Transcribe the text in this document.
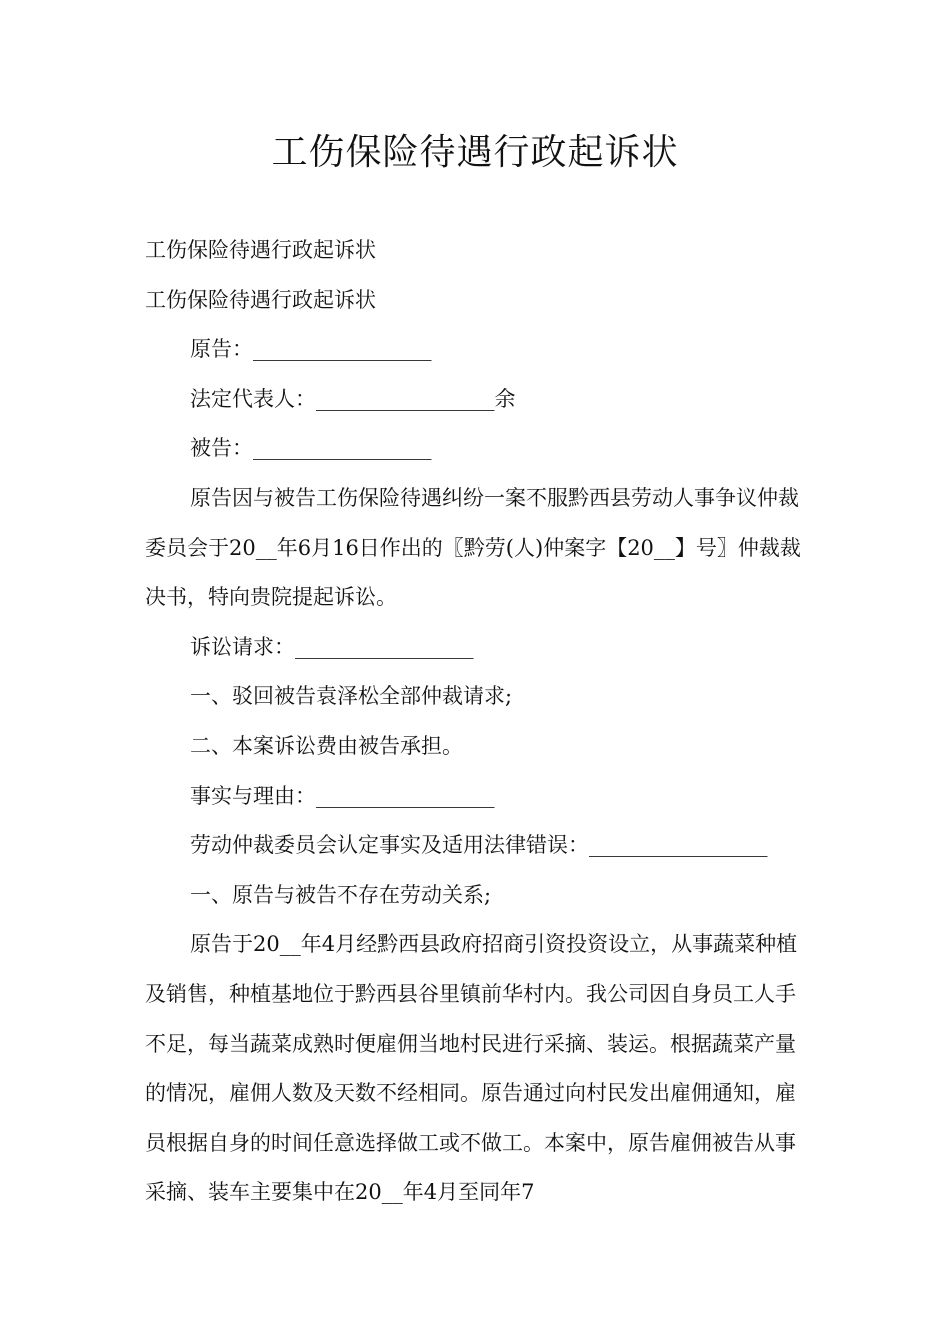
工伤保险待遇行政起诉状

工伤保险待遇行政起诉状

工伤保险待遇行政起诉状

原告：_________________

法定代表人：_________________余

被告：_________________

原告因与被告工伤保险待遇纠纷一案不服黔西县劳动人事争议仲裁委员会于20__年6月16日作出的〖黔劳(人)仲案字【20__】号〗仲裁裁决书，特向贵院提起诉讼。

诉讼请求：_________________

一、驳回被告袁泽松全部仲裁请求;

二、本案诉讼费由被告承担。

事实与理由：_________________

劳动仲裁委员会认定事实及适用法律错误：_________________

一、原告与被告不存在劳动关系;

原告于20__年4月经黔西县政府招商引资投资设立，从事蔬菜种植及销售，种植基地位于黔西县谷里镇前华村内。我公司因自身员工人手不足，每当蔬菜成熟时便雇佣当地村民进行采摘、装运。根据蔬菜产量的情况，雇佣人数及天数不经相同。原告通过向村民发出雇佣通知，雇员根据自身的时间任意选择做工或不做工。本案中，原告雇佣被告从事采摘、装车主要集中在20__年4月至同年7
